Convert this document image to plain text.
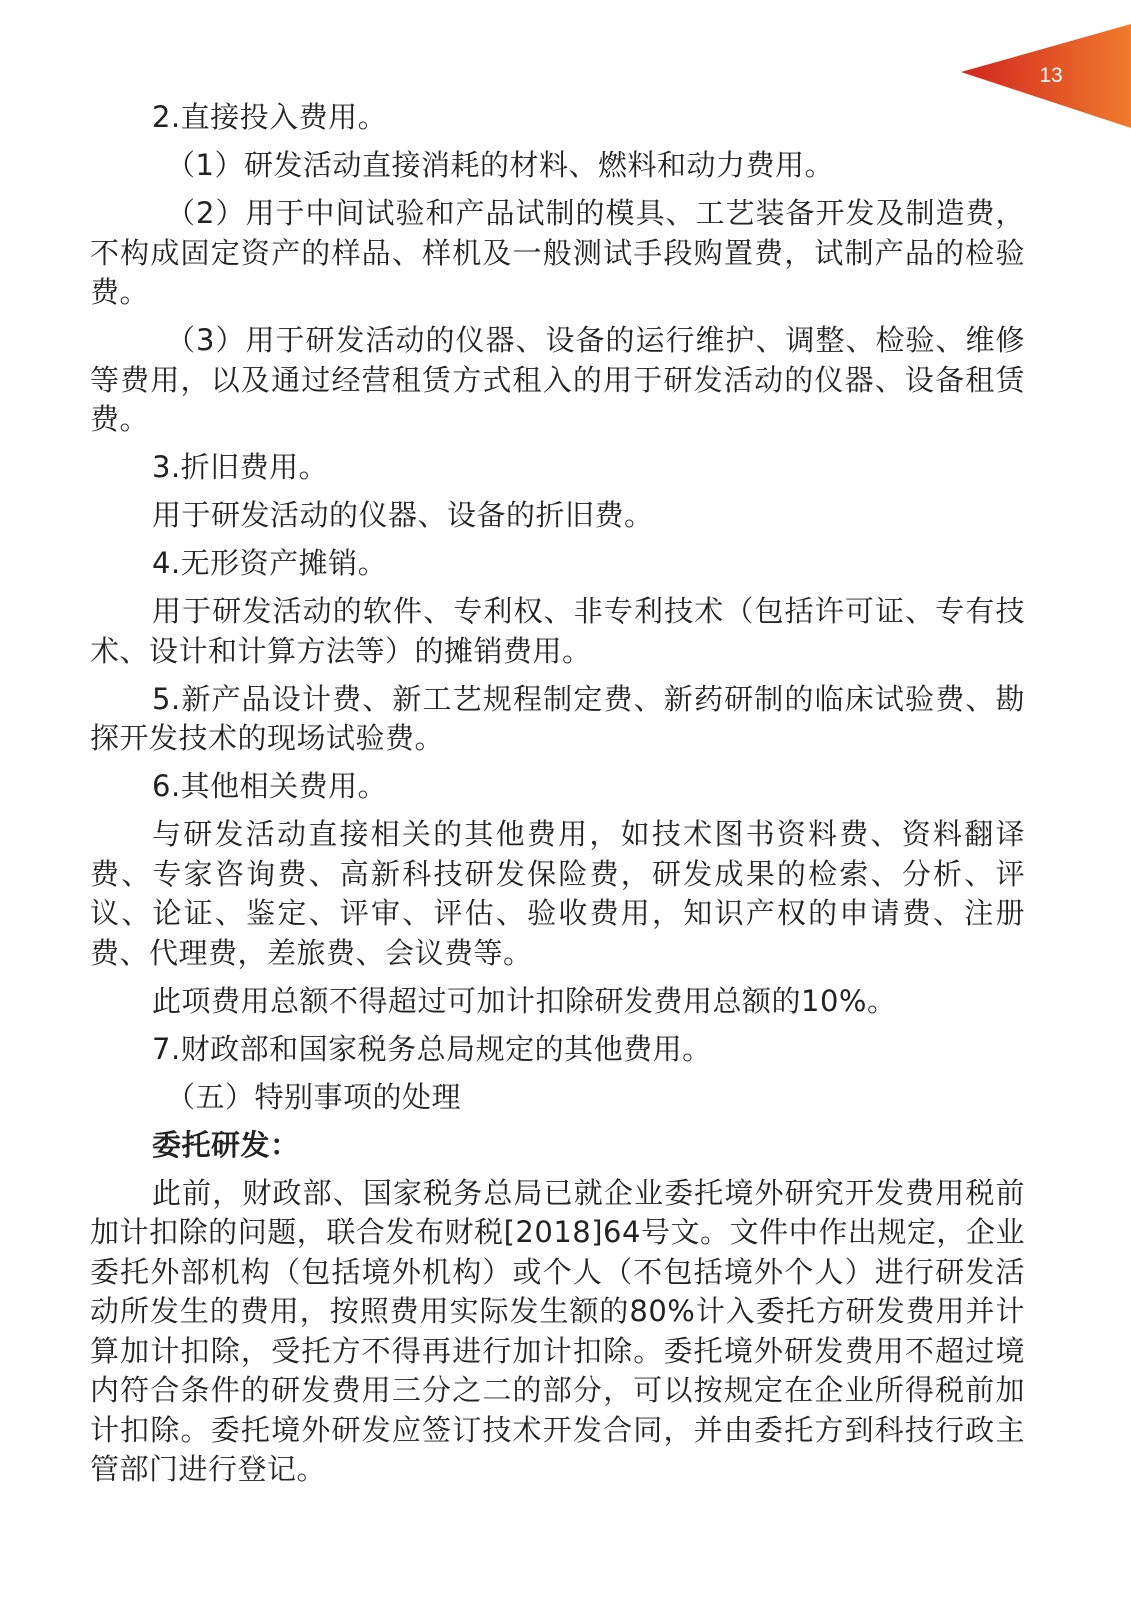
13

2.直接投入费用。

（1）研发活动直接消耗的材料、燃料和动力费用。

（2）用于中间试验和产品试制的模具、工艺装备开发及制造费，不构成固定资产的样品、样机及一般测试手段购置费，试制产品的检验费。

（3）用于研发活动的仪器、设备的运行维护、调整、检验、维修等费用，以及通过经营租赁方式租入的用于研发活动的仪器、设备租赁费。

3.折旧费用。

用于研发活动的仪器、设备的折旧费。

4.无形资产摊销。

用于研发活动的软件、专利权、非专利技术（包括许可证、专有技术、设计和计算方法等）的摊销费用。

5.新产品设计费、新工艺规程制定费、新药研制的临床试验费、勘探开发技术的现场试验费。

6.其他相关费用。

与研发活动直接相关的其他费用，如技术图书资料费、资料翻译费、专家咨询费、高新科技研发保险费，研发成果的检索、分析、评议、论证、鉴定、评审、评估、验收费用，知识产权的申请费、注册费、代理费，差旅费、会议费等。

此项费用总额不得超过可加计扣除研发费用总额的10%。

7.财政部和国家税务总局规定的其他费用。

（五）特别事项的处理

委托研发：

此前，财政部、国家税务总局已就企业委托境外研究开发费用税前加计扣除的问题，联合发布财税[2018]64号文。文件中作出规定，企业委托外部机构（包括境外机构）或个人（不包括境外个人）进行研发活动所发生的费用，按照费用实际发生额的80%计入委托方研发费用并计算加计扣除，受托方不得再进行加计扣除。委托境外研发费用不超过境内符合条件的研发费用三分之二的部分，可以按规定在企业所得税前加计扣除。委托境外研发应签订技术开发合同，并由委托方到科技行政主管部门进行登记。
